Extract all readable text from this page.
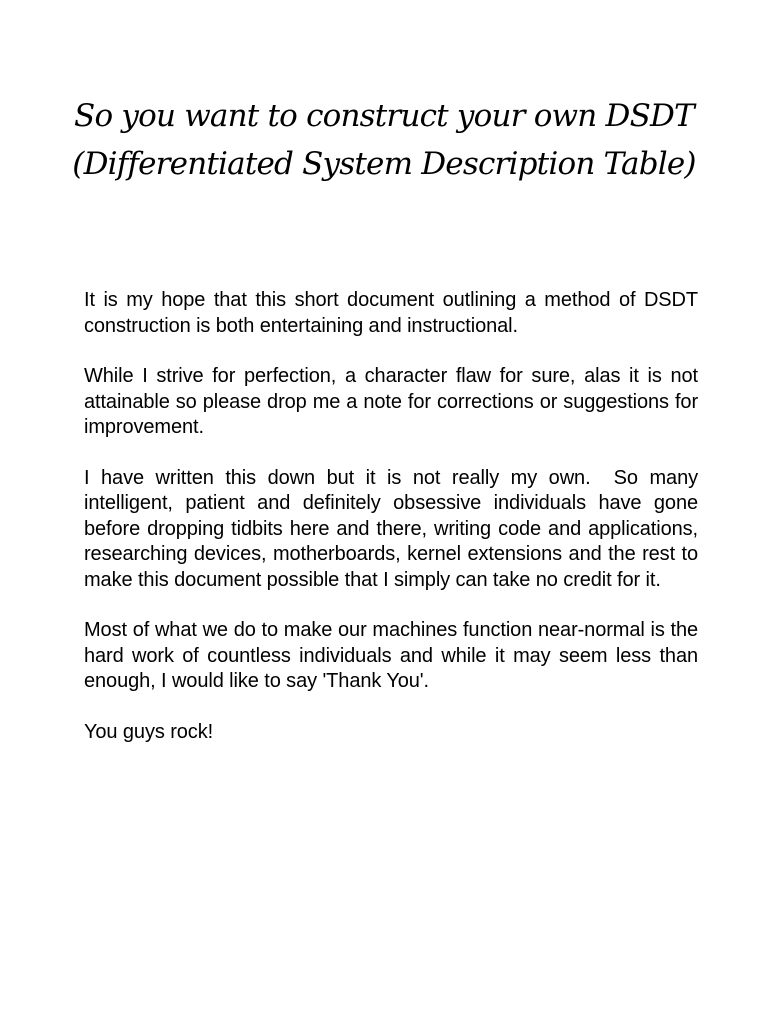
So you want to construct your own DSDT
(Differentiated System Description Table)

It is my hope that this short document outlining a method of DSDT construction is both entertaining and instructional.

While I strive for perfection, a character flaw for sure, alas it is not attainable so please drop me a note for corrections or suggestions for improvement.

I have written this down but it is not really my own.  So many intelligent, patient and definitely obsessive individuals have gone before dropping tidbits here and there, writing code and applications, researching devices, motherboards, kernel extensions and the rest to make this document possible that I simply can take no credit for it.

Most of what we do to make our machines function near-normal is the hard work of countless individuals and while it may seem less than enough, I would like to say 'Thank You'.

You guys rock!
